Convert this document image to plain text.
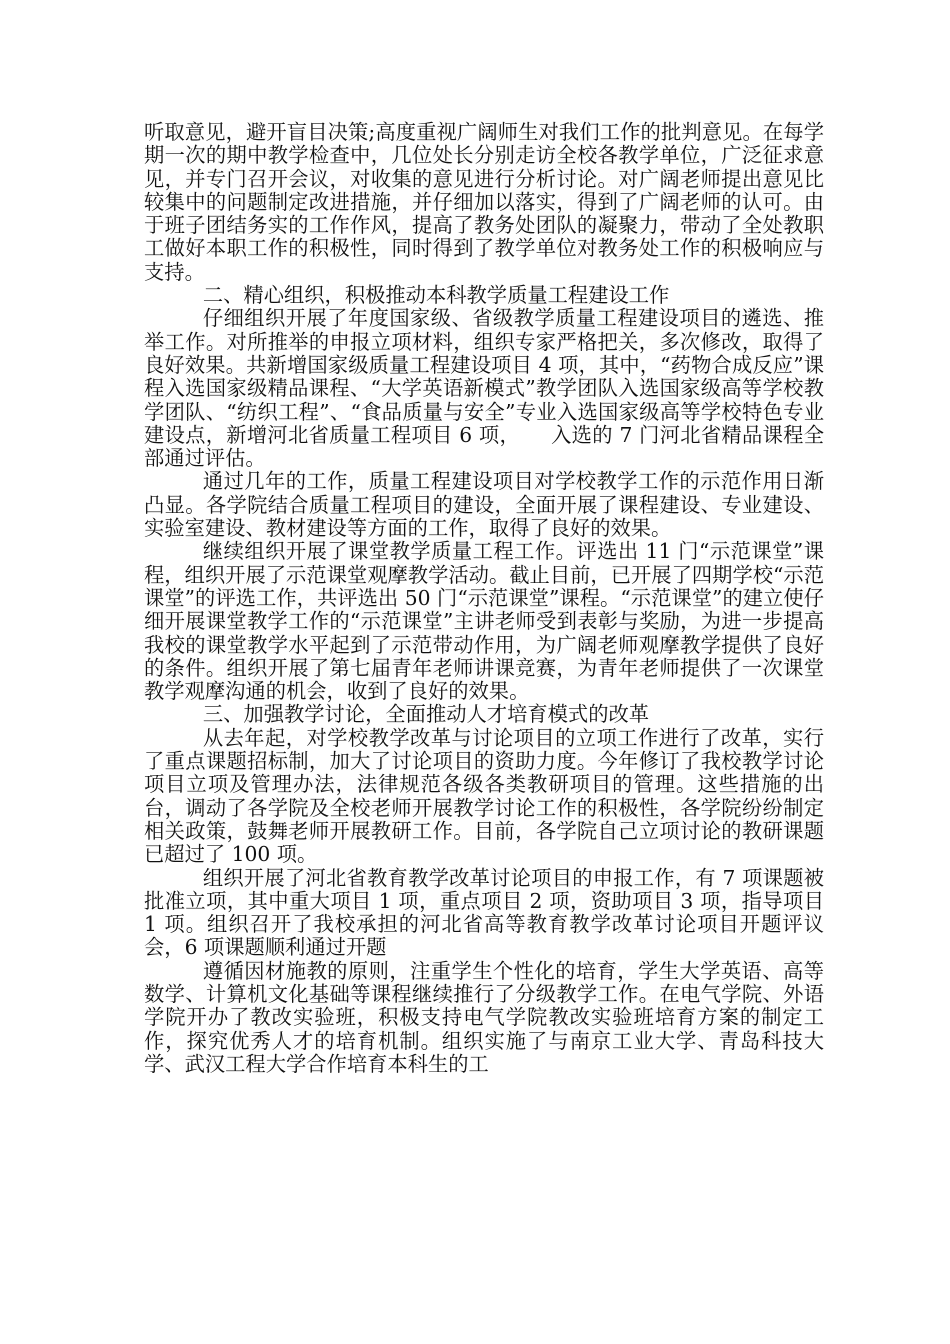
听取意见，避开盲目决策;高度重视广阔师生对我们工作的批判意见。在每学期一次的期中教学检查中，几位处长分别走访全校各教学单位，广泛征求意见，并专门召开会议，对收集的意见进行分析讨论。对广阔老师提出意见比较集中的问题制定改进措施，并仔细加以落实，得到了广阔老师的认可。由于班子团结务实的工作作风，提高了教务处团队的凝聚力，带动了全处教职工做好本职工作的积极性，同时得到了教学单位对教务处工作的积极响应与支持。

二、精心组织，积极推动本科教学质量工程建设工作

仔细组织开展了年度国家级、省级教学质量工程建设项目的遴选、推举工作。对所推举的申报立项材料，组织专家严格把关，多次修改，取得了良好效果。共新增国家级质量工程建设项目 4 项，其中，“药物合成反应”课程入选国家级精品课程、“大学英语新模式”教学团队入选国家级高等学校教学团队、“纺织工程”、“食品质量与安全”专业入选国家级高等学校特色专业建设点，新增河北省质量工程项目 6 项，　　入选的 7 门河北省精品课程全部通过评估。

通过几年的工作，质量工程建设项目对学校教学工作的示范作用日渐凸显。各学院结合质量工程项目的建设，全面开展了课程建设、专业建设、实验室建设、教材建设等方面的工作，取得了良好的效果。

继续组织开展了课堂教学质量工程工作。评选出 11 门“示范课堂”课程，组织开展了示范课堂观摩教学活动。截止目前，已开展了四期学校“示范课堂”的评选工作，共评选出 50 门“示范课堂”课程。“示范课堂”的建立使仔细开展课堂教学工作的“示范课堂”主讲老师受到表彰与奖励，为进一步提高我校的课堂教学水平起到了示范带动作用，为广阔老师观摩教学提供了良好的条件。组织开展了第七届青年老师讲课竞赛，为青年老师提供了一次课堂教学观摩沟通的机会，收到了良好的效果。

三、加强教学讨论，全面推动人才培育模式的改革

从去年起，对学校教学改革与讨论项目的立项工作进行了改革，实行了重点课题招标制，加大了讨论项目的资助力度。今年修订了我校教学讨论项目立项及管理办法，法律规范各级各类教研项目的管理。这些措施的出台，调动了各学院及全校老师开展教学讨论工作的积极性，各学院纷纷制定相关政策，鼓舞老师开展教研工作。目前，各学院自己立项讨论的教研课题已超过了 100 项。

组织开展了河北省教育教学改革讨论项目的申报工作，有 7 项课题被批准立项，其中重大项目 1 项，重点项目 2 项，资助项目 3 项，指导项目 1 项。组织召开了我校承担的河北省高等教育教学改革讨论项目开题评议会，6 项课题顺利通过开题

遵循因材施教的原则，注重学生个性化的培育，学生大学英语、高等数学、计算机文化基础等课程继续推行了分级教学工作。在电气学院、外语学院开办了教改实验班，积极支持电气学院教改实验班培育方案的制定工作，探究优秀人才的培育机制。组织实施了与南京工业大学、青岛科技大学、武汉工程大学合作培育本科生的工
